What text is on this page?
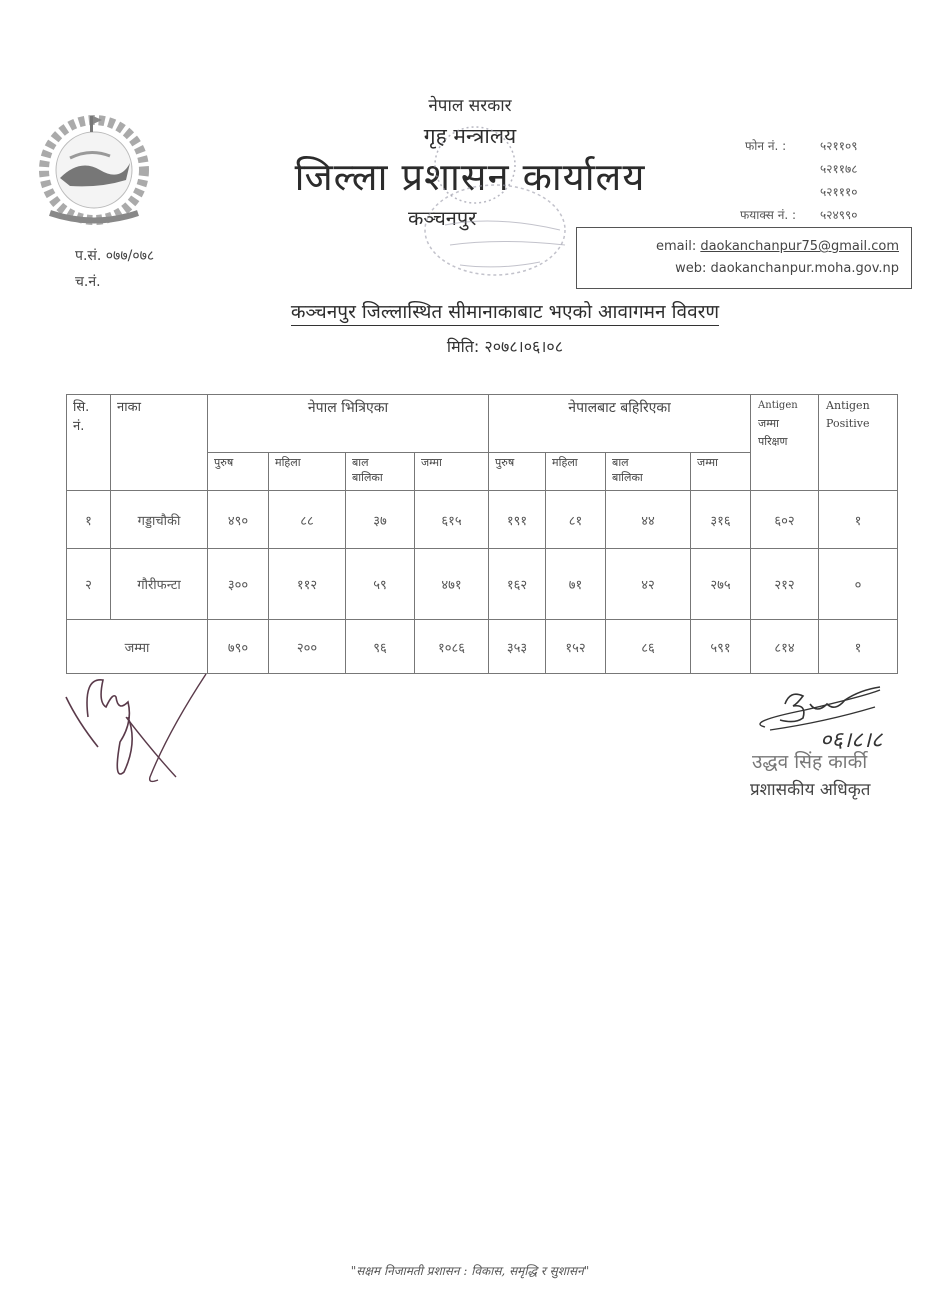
नेपाल सरकार
गृह मन्त्रालय
जिल्ला प्रशासन कार्यालय
कञ्चनपुर
फोन नं. :	५२११०९
५२११७८
५२१११०
फयाक्स नं. : ५२४९९०
email: daokanchanpur75@gmail.com
web: daokanchanpur.moha.gov.np
प.सं. ०७७/०७८
च.नं.
कञ्चनपुर जिल्लास्थित सीमानाकाबाट भएको आवागमन विवरण
मिति: २०७८।०६।०८
सि. नं.	नाका	नेपाल भित्रिएका				नेपालबाट बहिरिएका				Antigen
जम्मा परिक्षण	Antigen Positive

		पुरुष	महिला	बाल बालिका	जम्मा	पुरुष	महिला	बाल बालिका	जम्मा		

१	गड्डाचौकी	४९०	८८	३७	६१५	१९१	८१	४४	३१६	६०२	१
२	गौरीफन्टा	३००	११२	५९	४७१	१६२	७१	४२	२७५	२१२	०
जम्मा		७९०	२००	९६	१०८६	३५३	१५२	८६	५९१	८१४	१
०६।८।८
उद्धव सिंह कार्की
प्रशासकीय अधिकृत
"सक्षम निजामती प्रशासन : विकास, समृद्धि र सुशासन"
